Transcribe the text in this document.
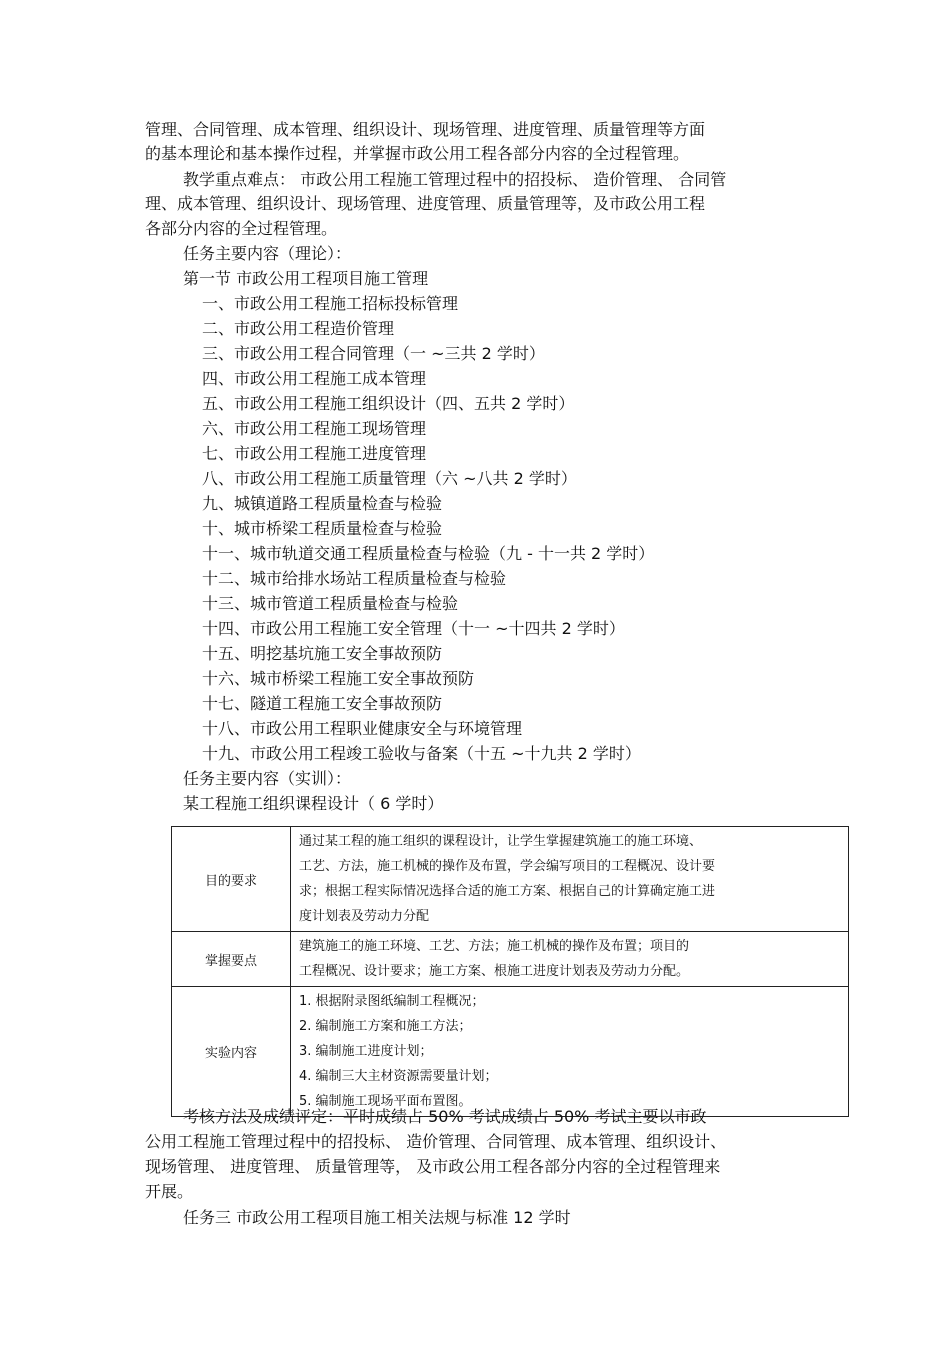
管理、合同管理、成本管理、组织设计、现场管理、进度管理、质量管理等方面
的基本理论和基本操作过程，并掌握市政公用工程各部分内容的全过程管理。
教学重点难点： 市政公用工程施工管理过程中的招投标、 造价管理、 合同管
理、成本管理、组织设计、现场管理、进度管理、质量管理等，及市政公用工程
各部分内容的全过程管理。
任务主要内容（理论）：
第一节 市政公用工程项目施工管理
一、市政公用工程施工招标投标管理
二、市政公用工程造价管理
三、市政公用工程合同管理（一 ~三共 2 学时）
四、市政公用工程施工成本管理
五、市政公用工程施工组织设计（四、五共 2 学时）
六、市政公用工程施工现场管理
七、市政公用工程施工进度管理
八、市政公用工程施工质量管理（六 ~八共 2 学时）
九、城镇道路工程质量检查与检验
十、城市桥梁工程质量检查与检验
十一、城市轨道交通工程质量检查与检验（九 - 十一共 2 学时）
十二、城市给排水场站工程质量检查与检验
十三、城市管道工程质量检查与检验
十四、市政公用工程施工安全管理（十一 ~十四共 2 学时）
十五、明挖基坑施工安全事故预防
十六、城市桥梁工程施工安全事故预防
十七、隧道工程施工安全事故预防
十八、市政公用工程职业健康安全与环境管理
十九、市政公用工程竣工验收与备案（十五 ~十九共 2 学时）
任务主要内容（实训）：
某工程施工组织课程设计（ 6 学时）
目的要求	通过某工程的施工组织的课程设计，让学生掌握建筑施工的施工环境、
工艺、方法，施工机械的操作及布置，学会编写项目的工程概况、设计要
求；根据工程实际情况选择合适的施工方案、根据自己的计算确定施工进
度计划表及劳动力分配

掌握要点	建筑施工的施工环境、工艺、方法；施工机械的操作及布置；项目的
工程概况、设计要求；施工方案、根施工进度计划表及劳动力分配。

实验内容	1. 根据附录图纸编制工程概况；
2. 编制施工方案和施工方法；
3. 编制施工进度计划；
4. 编制三大主材资源需要量计划；
5. 编制施工现场平面布置图。
考核方法及成绩评定：平时成绩占 50% 考试成绩占 50% 考试主要以市政
公用工程施工管理过程中的招投标、 造价管理、合同管理、成本管理、组织设计、
现场管理、 进度管理、 质量管理等， 及市政公用工程各部分内容的全过程管理来
开展。
任务三 市政公用工程项目施工相关法规与标准 12 学时
